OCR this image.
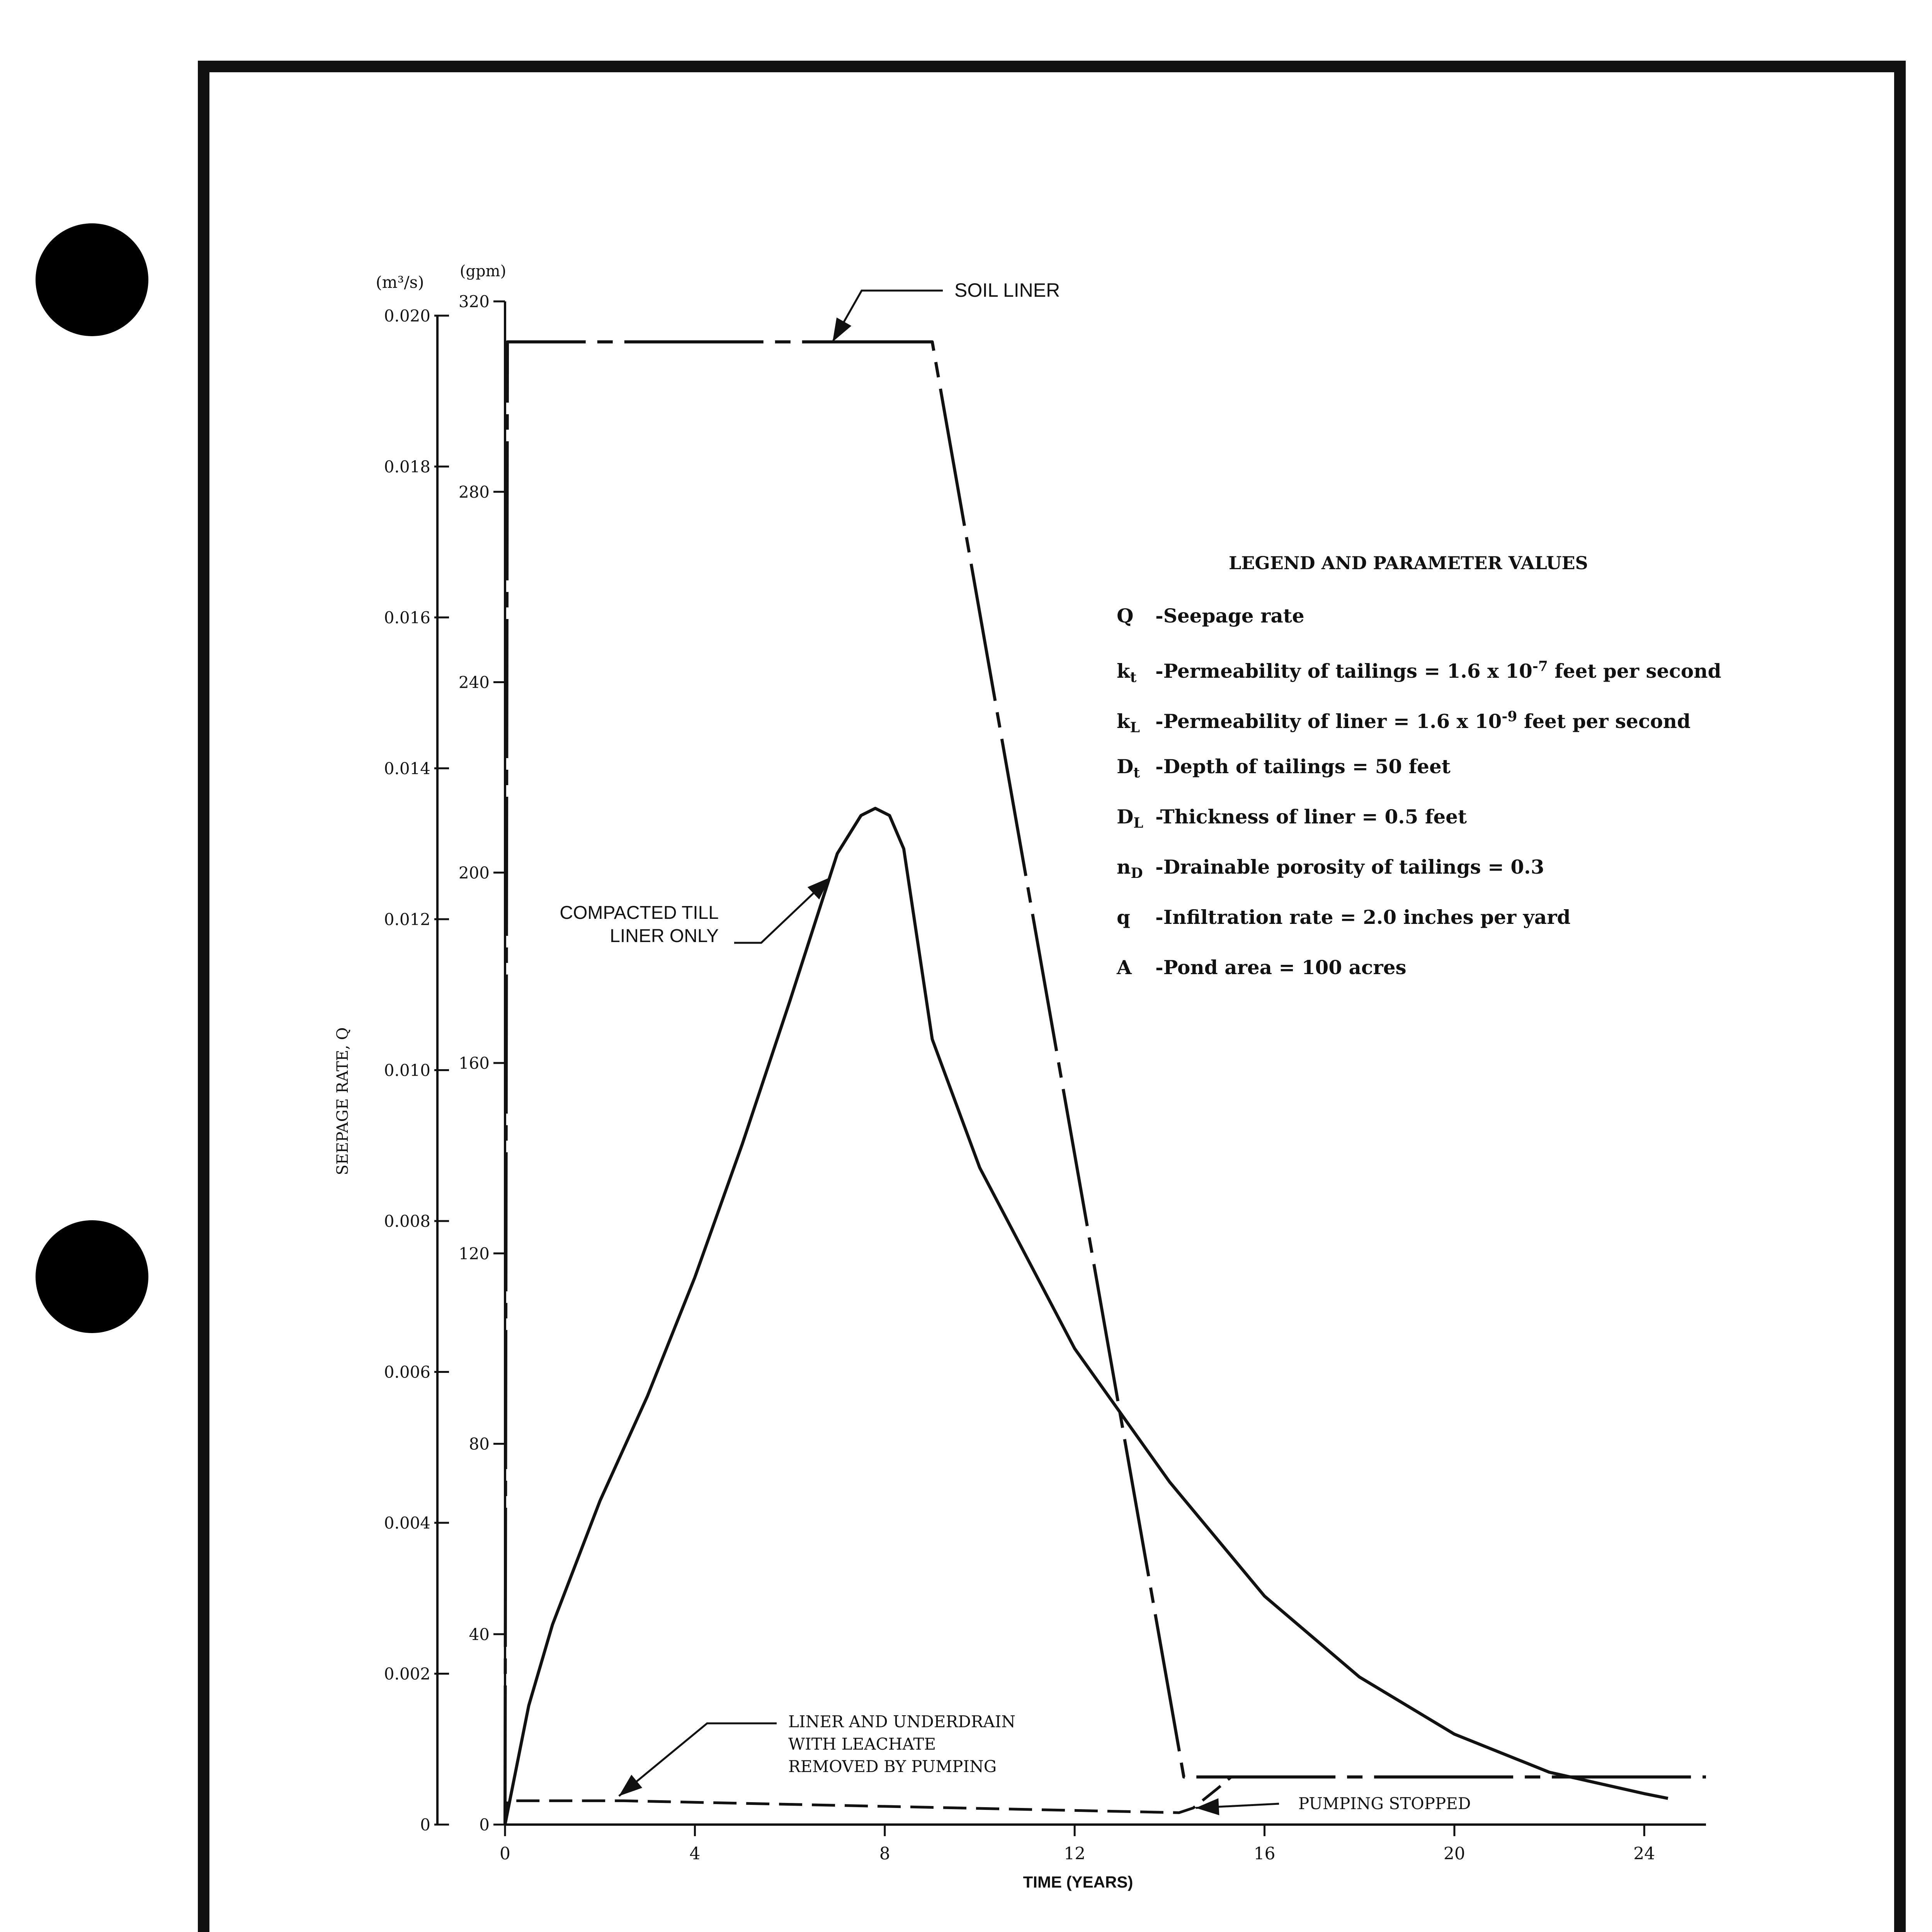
0	4	8	12	16	20	24
0
40
80
120
160
200
240
280
320
0
0.002
0.004
0.006
0.008
0.010
0.012
0.014
0.016
0.018
0.020
SOIL LINER
COMPACTED TILL
LINER ONLY
LINER AND UNDERDRAIN
WITH LEACHATE
REMOVED BY PUMPING
PUMPING STOPPED
TIME (YEARS)
SEEPAGE RATE, Q
(m³/s)
(gpm)
LEGEND AND PARAMETER VALUES
Q -Seepage rate
$k_t$ -Permeability of tailings = 1.6 x $10^{-7}$ feet per second
$k_L$ -Permeability of liner = 1.6 x $10^{-9}$ feet per second
$D_t$ -Depth of tailings = 50 feet
$D_L$ -Thickness of liner = 0.5 feet
$n_D$ -Drainable porosity of tailings = 0.3
q -Infiltration rate = 2.0 inches per yard
A -Pond area = 100 acres
